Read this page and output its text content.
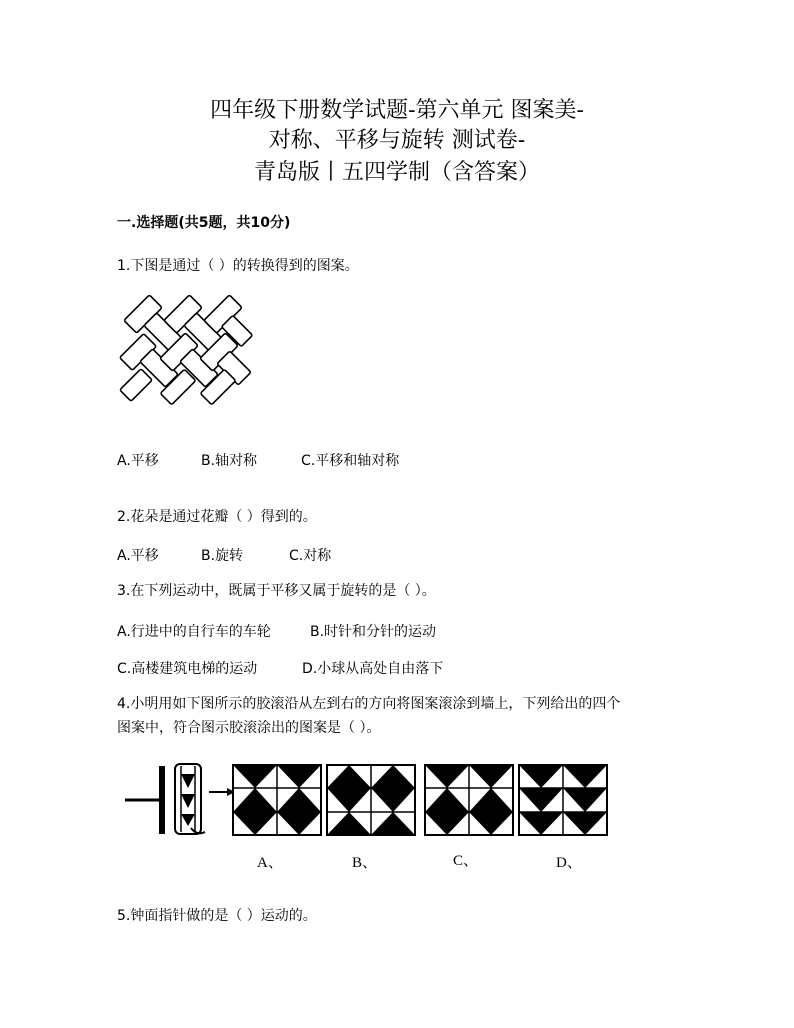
四年级下册数学试题-第六单元 图案美-
对称、平移与旋转 测试卷-
青岛版丨五四学制（含答案）
一.选择题(共5题，共10分)
1.下图是通过（ ）的转换得到的图案。
A.平移	B.轴对称	C.平移和轴对称
2.花朵是通过花瓣（ ）得到的。
A.平移	B.旋转	C.对称
3.在下列运动中，既属于平移又属于旋转的是（ ）。
A.行进中的自行车的车轮	B.时针和分针的运动
C.高楼建筑电梯的运动	D.小球从高处自由落下
4.小明用如下图所示的胶滚沿从左到右的方向将图案滚涂到墙上，下列给出的四个
图案中，符合图示胶滚涂出的图案是（ ）。
A、	B、	C、	D、
5.钟面指针做的是（ ）运动的。
